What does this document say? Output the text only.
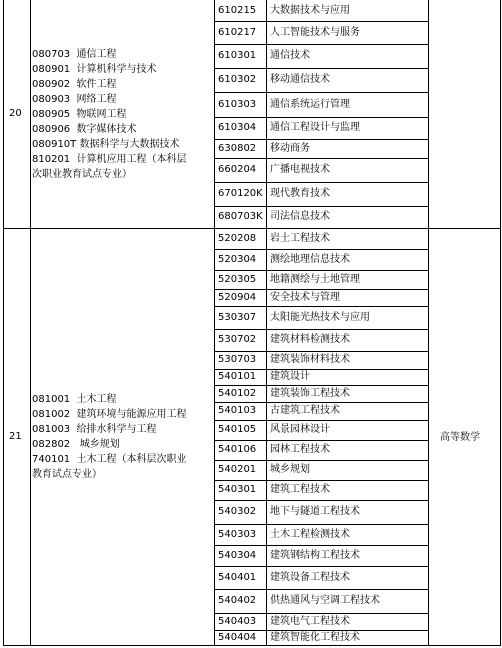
610215 大数据技术与应用
610217 人工智能技术与服务
610301 通信技术
610302 移动通信技术
610303 通信系统运行管理
610304 通信工程设计与监理
630802 移动商务
660204 广播电视技术
670120K 现代教育技术
680703K 司法信息技术
20
080703  通信工程
080901  计算机科学与技术
080902  软件工程
080903  网络工程
080905  物联网工程
080906  数字媒体技术
080910T 数据科学与大数据技术
810201  计算机应用工程（本科层
次职业教育试点专业）
520208 岩土工程技术
520304 测绘地理信息技术
520305 地籍测绘与土地管理
520904 安全技术与管理
530307 太阳能光热技术与应用
530702 建筑材料检测技术
530703 建筑装饰材料技术
540101 建筑设计
540102 建筑装饰工程技术
540103 古建筑工程技术
540105 风景园林设计
540106 园林工程技术
540201 城乡规划
540301 建筑工程技术
540302 地下与隧道工程技术
540303 土木工程检测技术
540304 建筑钢结构工程技术
540401 建筑设备工程技术
540402 供热通风与空调工程技术
540403 建筑电气工程技术
540404 建筑智能化工程技术
21
081001  土木工程
081002  建筑环境与能源应用工程
081003  给排水科学与工程
082802   城乡规划
740101  土木工程（本科层次职业
教育试点专业）
高等数学
